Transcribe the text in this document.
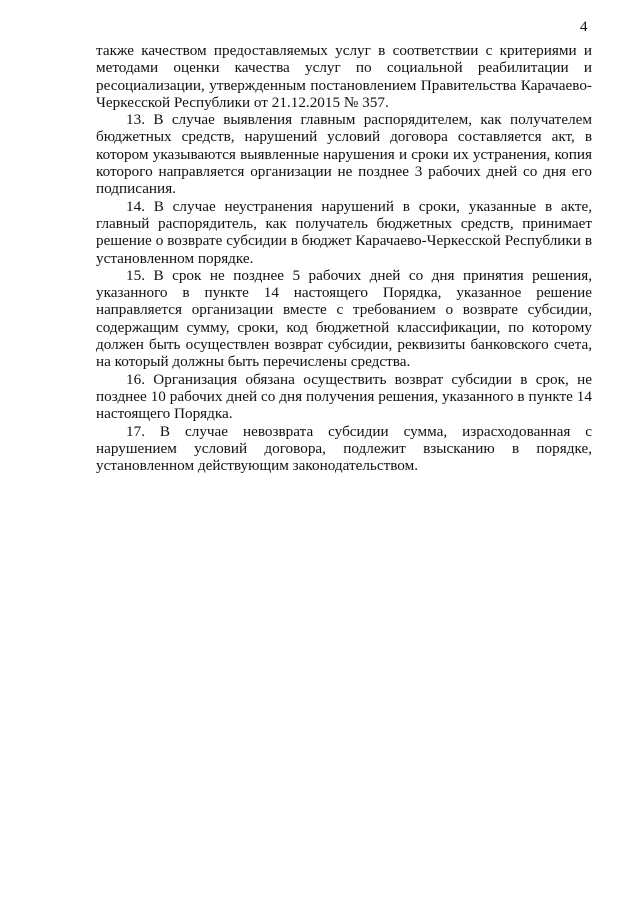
4

также качеством предоставляемых услуг в соответствии с критериями и методами оценки качества услуг по социальной реабилитации и ресоциализации, утвержденным постановлением Правительства Карачаево-Черкесской Республики от 21.12.2015 № 357.

13. В случае выявления главным распорядителем, как получателем бюджетных средств, нарушений условий договора составляется акт, в котором указываются выявленные нарушения и сроки их устранения, копия которого направляется организации не позднее 3 рабочих дней со дня его подписания.

14. В случае неустранения нарушений в сроки, указанные в акте, главный распорядитель, как получатель бюджетных средств, принимает решение о возврате субсидии в бюджет Карачаево-Черкесской Республики в установленном порядке.

15. В срок не позднее 5 рабочих дней со дня принятия решения, указанного в пункте 14 настоящего Порядка, указанное решение направляется организации вместе с требованием о возврате субсидии, содержащим сумму, сроки, код бюджетной классификации, по которому должен быть осуществлен возврат субсидии, реквизиты банковского счета, на который должны быть перечислены средства.

16. Организация обязана осуществить возврат субсидии в срок, не позднее 10 рабочих дней со дня получения решения, указанного в пункте 14 настоящего Порядка.

17. В случае невозврата субсидии сумма, израсходованная с нарушением условий договора, подлежит взысканию в порядке, установленном действующим законодательством.
